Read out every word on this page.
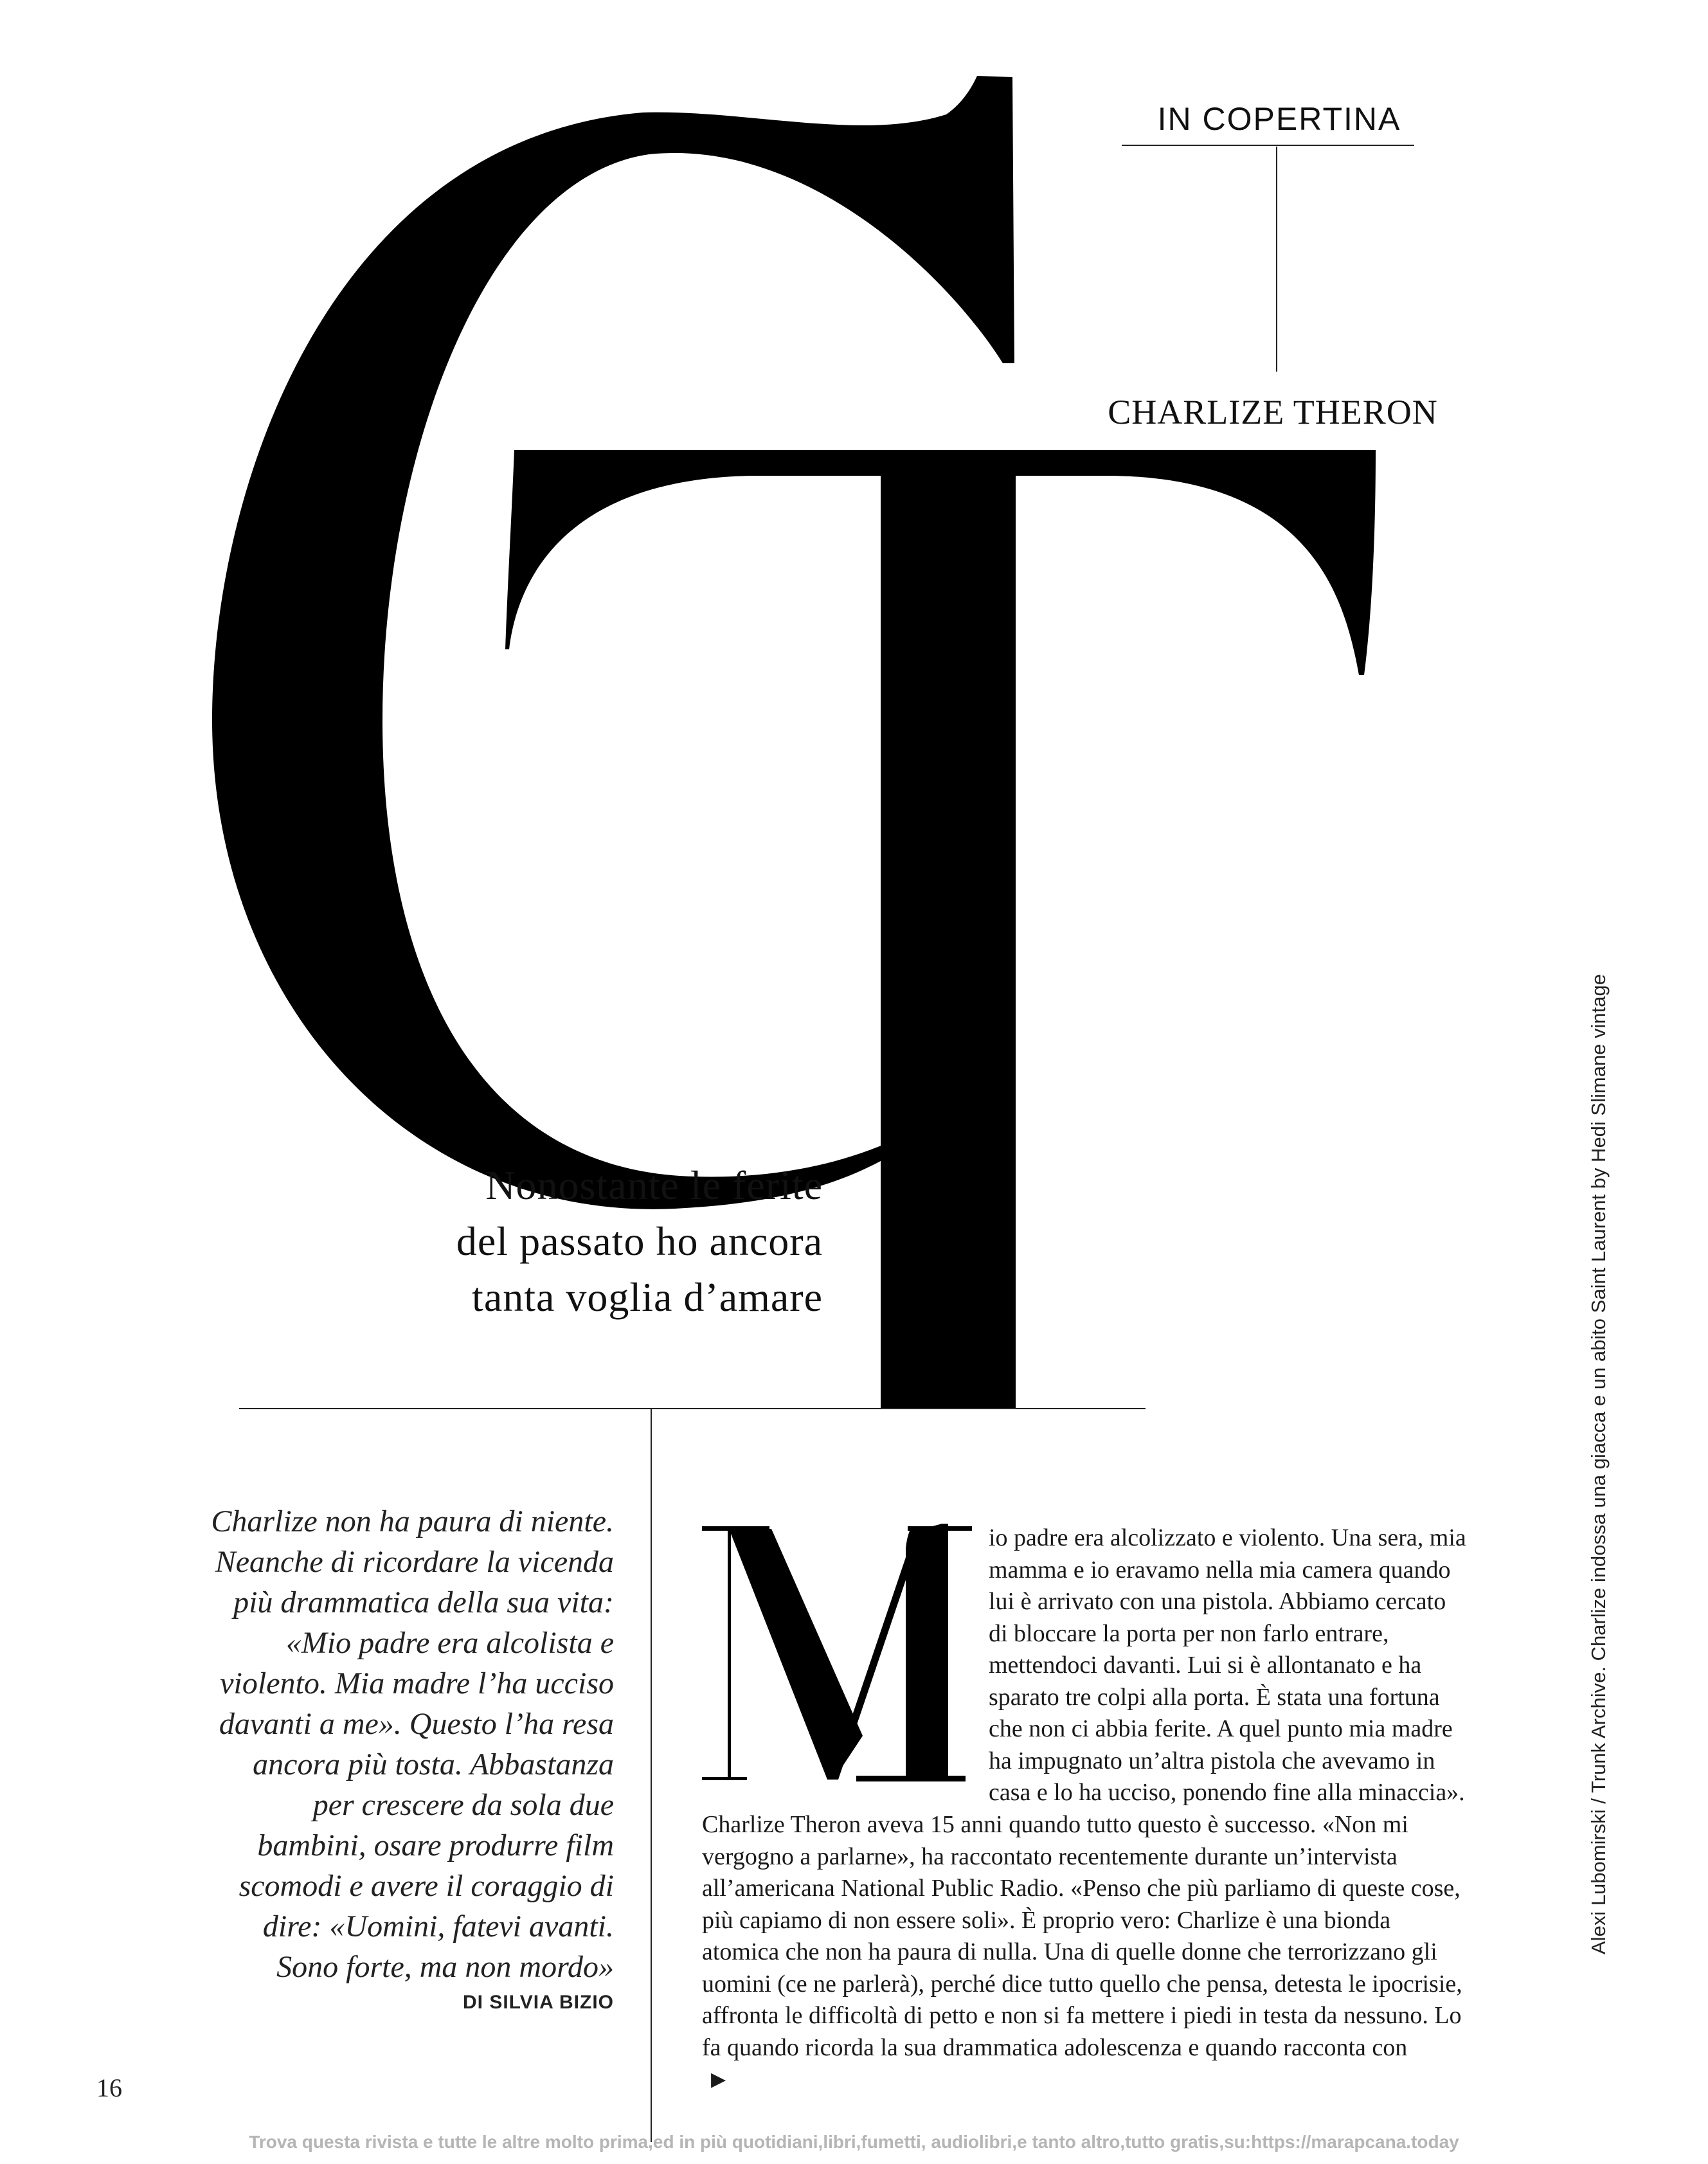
IN COPERTINA
CHARLIZE THERON
Nonostante le ferite
del passato ho ancora
tanta voglia d’amare
Charlize non ha paura di niente.
Neanche di ricordare la vicenda
più drammatica della sua vita:
«Mio padre era alcolista e
violento. Mia madre l’ha ucciso
davanti a me». Questo l’ha resa
ancora più tosta. Abbastanza
per crescere da sola due
bambini, osare produrre film
scomodi e avere il coraggio di
dire: «Uomini, fatevi avanti.
Sono forte, ma non mordo»
DI SILVIA BIZIO
io padre era alcolizzato e violento. Una sera, mia
mamma e io eravamo nella mia camera quando
lui è arrivato con una pistola. Abbiamo cercato
di bloccare la porta per non farlo entrare,
mettendoci davanti. Lui si è allontanato e ha
sparato tre colpi alla porta. È stata una fortuna
che non ci abbia ferite. A quel punto mia madre
ha impugnato un’altra pistola che avevamo in
casa e lo ha ucciso, ponendo fine alla minaccia».
Charlize Theron aveva 15 anni quando tutto questo è successo. «Non mi
vergogno a parlarne», ha raccontato recentemente durante un’intervista
all’americana National Public Radio. «Penso che più parliamo di queste cose,
più capiamo di non essere soli». È proprio vero: Charlize è una bionda
atomica che non ha paura di nulla. Una di quelle donne che terrorizzano gli
uomini (ce ne parlerà), perché dice tutto quello che pensa, detesta le ipocrisie,
affronta le difficoltà di petto e non si fa mettere i piedi in testa da nessuno. Lo
fa quando ricorda la sua drammatica adolescenza e quando racconta con
▶
16
Alexi Lubomirski / Trunk Archive. Charlize indossa una giacca e un abito Saint Laurent by Hedi Slimane vintage
Trova questa rivista e tutte le altre molto prima,ed in più quotidiani,libri,fumetti, audiolibri,e tanto altro,tutto gratis,su:https://marapcana.today
